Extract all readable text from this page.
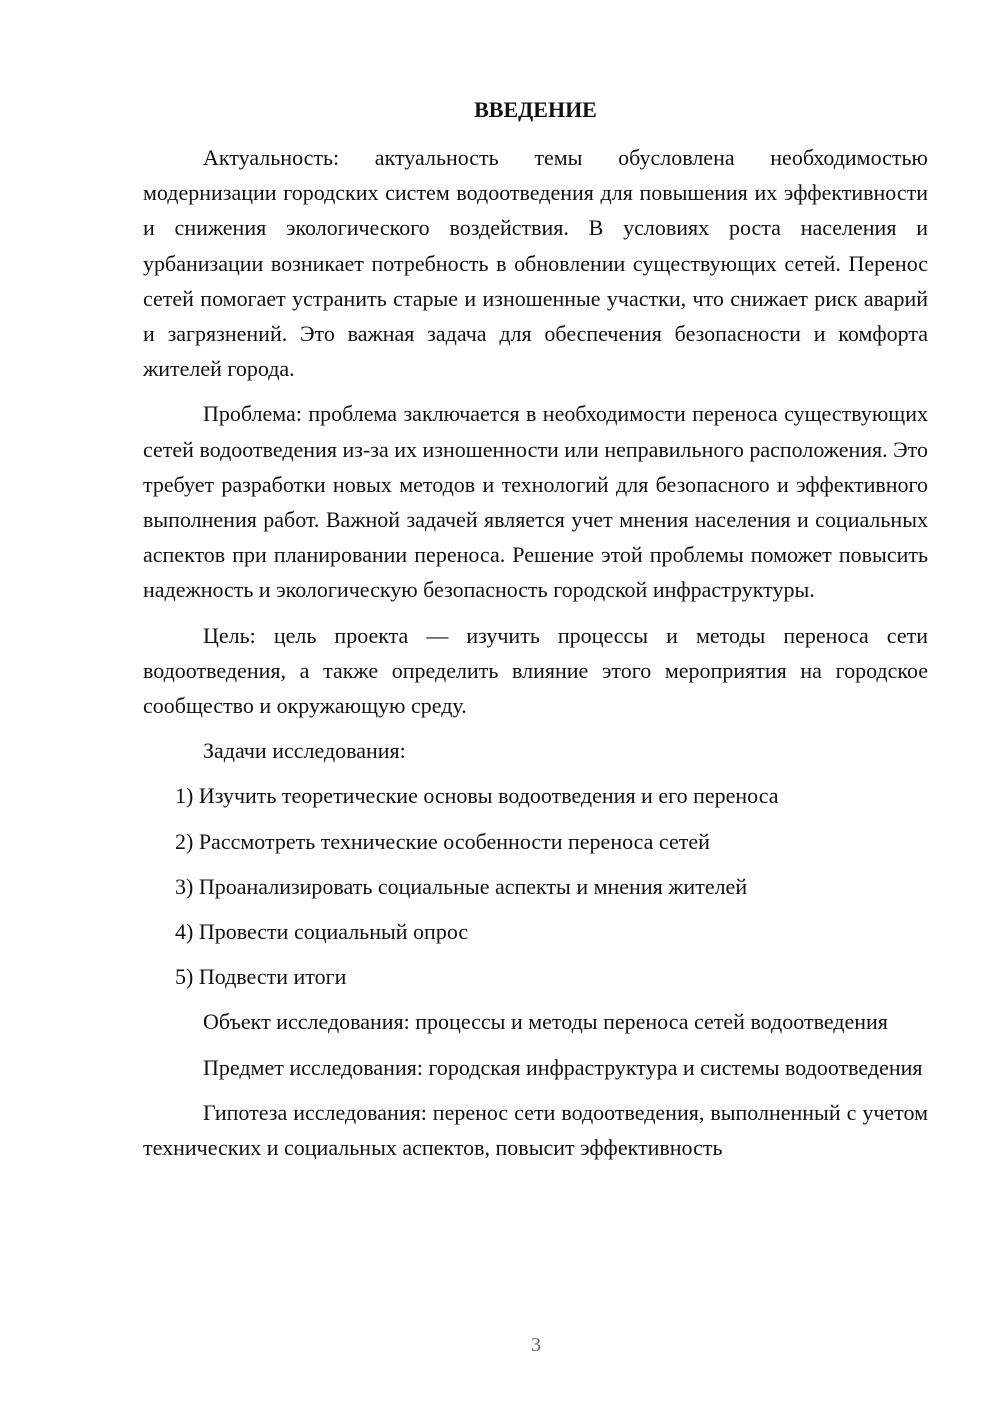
ВВЕДЕНИЕ

Актуальность: актуальность темы обусловлена необходимостью модернизации городских систем водоотведения для повышения их эффективности и снижения экологического воздействия. В условиях роста населения и урбанизации возникает потребность в обновлении существующих сетей. Перенос сетей помогает устранить старые и изношенные участки, что снижает риск аварий и загрязнений. Это важная задача для обеспечения безопасности и комфорта жителей города.

Проблема: проблема заключается в необходимости переноса существующих сетей водоотведения из-за их изношенности или неправильного расположения. Это требует разработки новых методов и технологий для безопасного и эффективного выполнения работ. Важной задачей является учет мнения населения и социальных аспектов при планировании переноса. Решение этой проблемы поможет повысить надежность и экологическую безопасность городской инфраструктуры.

Цель: цель проекта — изучить процессы и методы переноса сети водоотведения, а также определить влияние этого мероприятия на городское сообщество и окружающую среду.

Задачи исследования:

1) Изучить теоретические основы водоотведения и его переноса
2) Рассмотреть технические особенности переноса сетей
3) Проанализировать социальные аспекты и мнения жителей
4) Провести социальный опрос
5) Подвести итоги

Объект исследования: процессы и методы переноса сетей водоотведения

Предмет исследования: городская инфраструктура и системы водоотведения

Гипотеза исследования: перенос сети водоотведения, выполненный с учетом технических и социальных аспектов, повысит эффективность

3
